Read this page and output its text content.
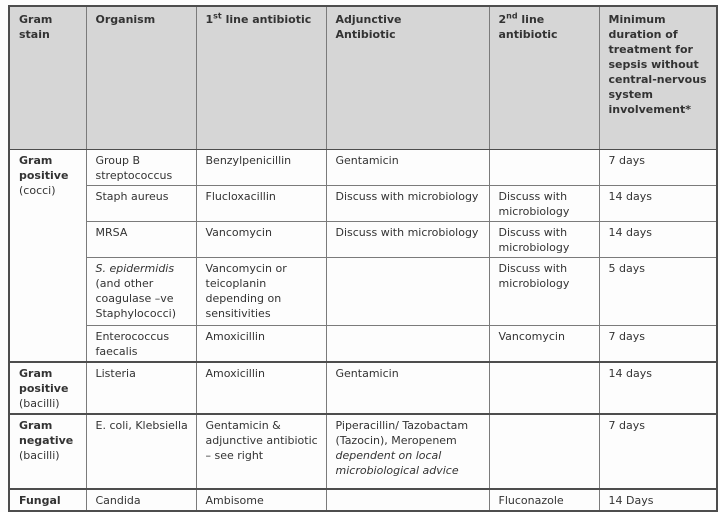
Gram stain	Organism	1st line antibiotic	Adjunctive Antibiotic	2nd line antibiotic	Minimum duration of treatment for sepsis without central-nervous system involvement*
Gram positive
(cocci)	Group B streptococcus	Benzylpenicillin	Gentamicin		7 days
	Staph aureus	Flucloxacillin	Discuss with microbiology	Discuss with microbiology	14 days
	MRSA	Vancomycin	Discuss with microbiology	Discuss with microbiology	14 days
	S. epidermidis (and other coagulase –ve Staphylococci)	Vancomycin or teicoplanin depending on sensitivities		Discuss with microbiology	5 days
	Enterococcus faecalis	Amoxicillin		Vancomycin	7 days
Gram positive
(bacilli)	Listeria	Amoxicillin	Gentamicin		14 days
Gram negative
(bacilli)	E. coli, Klebsiella	Gentamicin & adjunctive antibiotic – see right	Piperacillin/ Tazobactam (Tazocin), Meropenem dependent on local microbiological advice		7 days
Fungal	Candida	Ambisome		Fluconazole	14 Days
